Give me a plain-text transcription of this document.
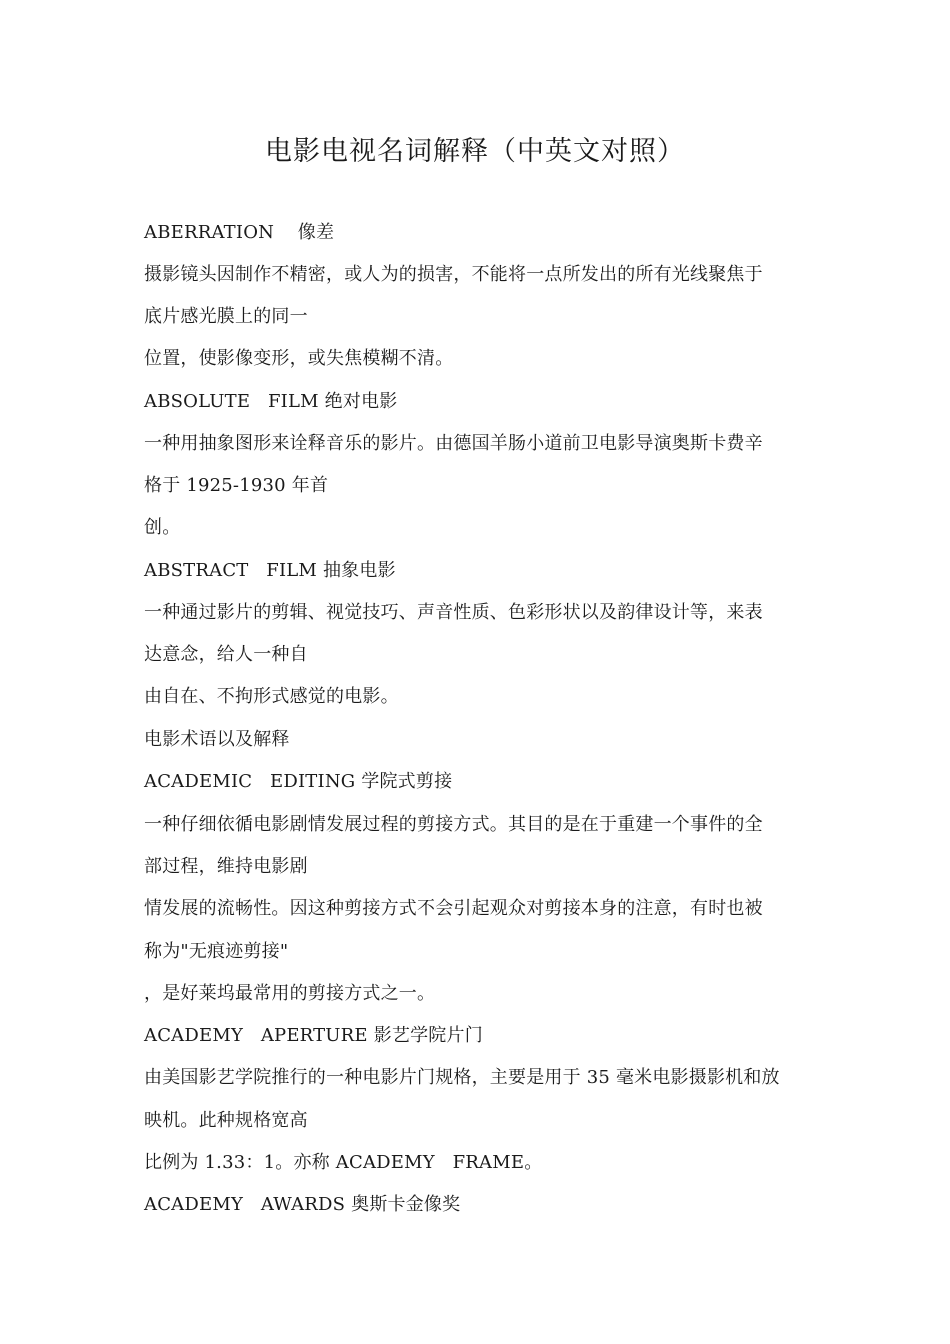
电影电视名词解释（中英文对照）
ABERRATION    像差
摄影镜头因制作不精密，或人为的损害，不能将一点所发出的所有光线聚焦于
底片感光膜上的同一
位置，使影像变形，或失焦模糊不清。
ABSOLUTE   FILM 绝对电影
一种用抽象图形来诠释音乐的影片。由德国羊肠小道前卫电影导演奥斯卡费辛
格于 1925-1930 年首
创。
ABSTRACT   FILM 抽象电影
一种通过影片的剪辑、视觉技巧、声音性质、色彩形状以及韵律设计等，来表
达意念，给人一种自
由自在、不拘形式感觉的电影。
电影术语以及解释
ACADEMIC   EDITING 学院式剪接
一种仔细依循电影剧情发展过程的剪接方式。其目的是在于重建一个事件的全
部过程，维持电影剧
情发展的流畅性。因这种剪接方式不会引起观众对剪接本身的注意，有时也被
称为"无痕迹剪接"
，是好莱坞最常用的剪接方式之一。
ACADEMY   APERTURE 影艺学院片门
由美国影艺学院推行的一种电影片门规格，主要是用于 35 毫米电影摄影机和放
映机。此种规格宽高
比例为 1.33：1。亦称 ACADEMY   FRAME。
ACADEMY   AWARDS 奥斯卡金像奖
